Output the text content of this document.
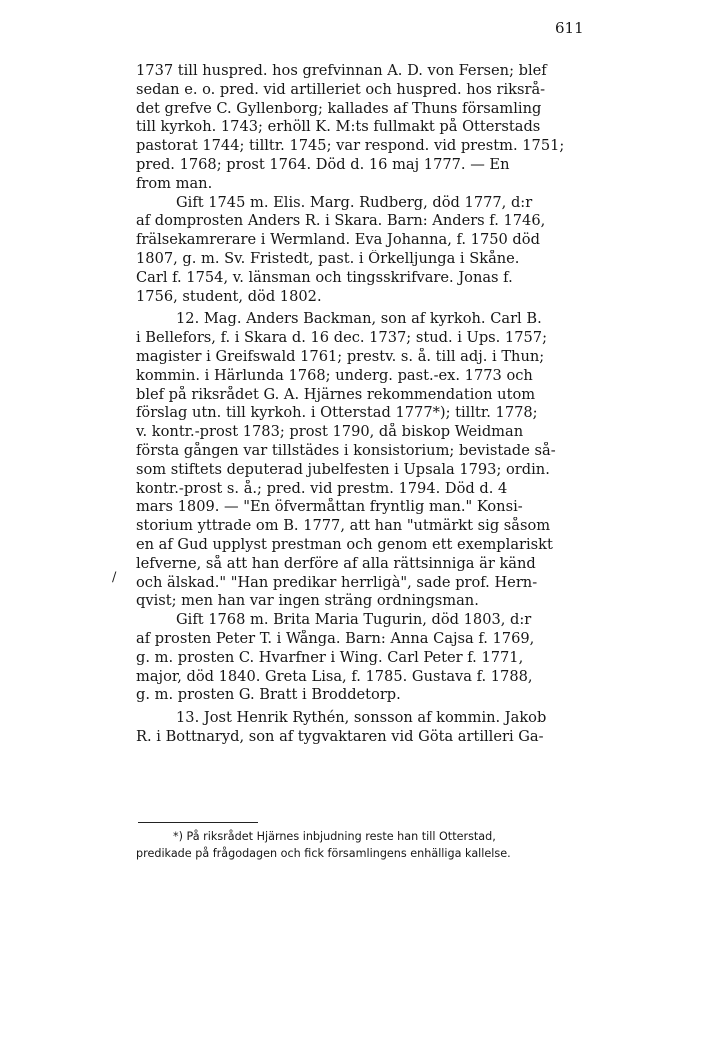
611
/
1737 till huspred. hos grefvinnan A. D. von Fersen; blef
sedan e. o. pred. vid artilleriet och huspred. hos riksrå-
det grefve C. Gyllenborg; kallades af Thuns församling
till kyrkoh. 1743; erhöll K. M:ts fullmakt på Otterstads
pastorat 1744; tilltr. 1745; var respond. vid prestm. 1751;
pred. 1768; prost 1764. Död d. 16 maj 1777. — En
from man.
Gift 1745 m. Elis. Marg. Rudberg, död 1777, d:r
af domprosten Anders R. i Skara. Barn: Anders f. 1746,
frälsekamrerare i Wermland. Eva Johanna, f. 1750 död
1807, g. m. Sv. Fristedt, past. i Örkelljunga i Skåne.
Carl f. 1754, v. länsman och tingsskrifvare. Jonas f.
1756, student, död 1802.
12. Mag. Anders Backman, son af kyrkoh. Carl B.
i Bellefors, f. i Skara d. 16 dec. 1737; stud. i Ups. 1757;
magister i Greifswald 1761; prestv. s. å. till adj. i Thun;
kommin. i Härlunda 1768; underg. past.-ex. 1773 och
blef på riksrådet G. A. Hjärnes rekommendation utom
förslag utn. till kyrkoh. i Otterstad 1777*); tilltr. 1778;
v. kontr.-prost 1783; prost 1790, då biskop Weidman
första gången var tillstädes i konsistorium; bevistade så-
som stiftets deputerad jubelfesten i Upsala 1793; ordin.
kontr.-prost s. å.; pred. vid prestm. 1794. Död d. 4
mars 1809. — "En öfvermåttan fryntlig man." Konsi-
storium yttrade om B. 1777, att han "utmärkt sig såsom
en af Gud upplyst prestman och genom ett exemplariskt
lefverne, så att han derföre af alla rättsinniga är känd
och älskad." "Han predikar herrligà", sade prof. Hern-
qvist; men han var ingen sträng ordningsman.
Gift 1768 m. Brita Maria Tugurin, död 1803, d:r
af prosten Peter T. i Wånga. Barn: Anna Cajsa f. 1769,
g. m. prosten C. Hvarfner i Wing. Carl Peter f. 1771,
major, död 1840. Greta Lisa, f. 1785. Gustava f. 1788,
g. m. prosten G. Bratt i Broddetorp.
13. Jost Henrik Rythén, sonsson af kommin. Jakob
R. i Bottnaryd, son af tygvaktaren vid Göta artilleri Ga-
*) På riksrådet Hjärnes inbjudning reste han till Otterstad,
predikade på frågodagen och fick församlingens enhälliga kallelse.
